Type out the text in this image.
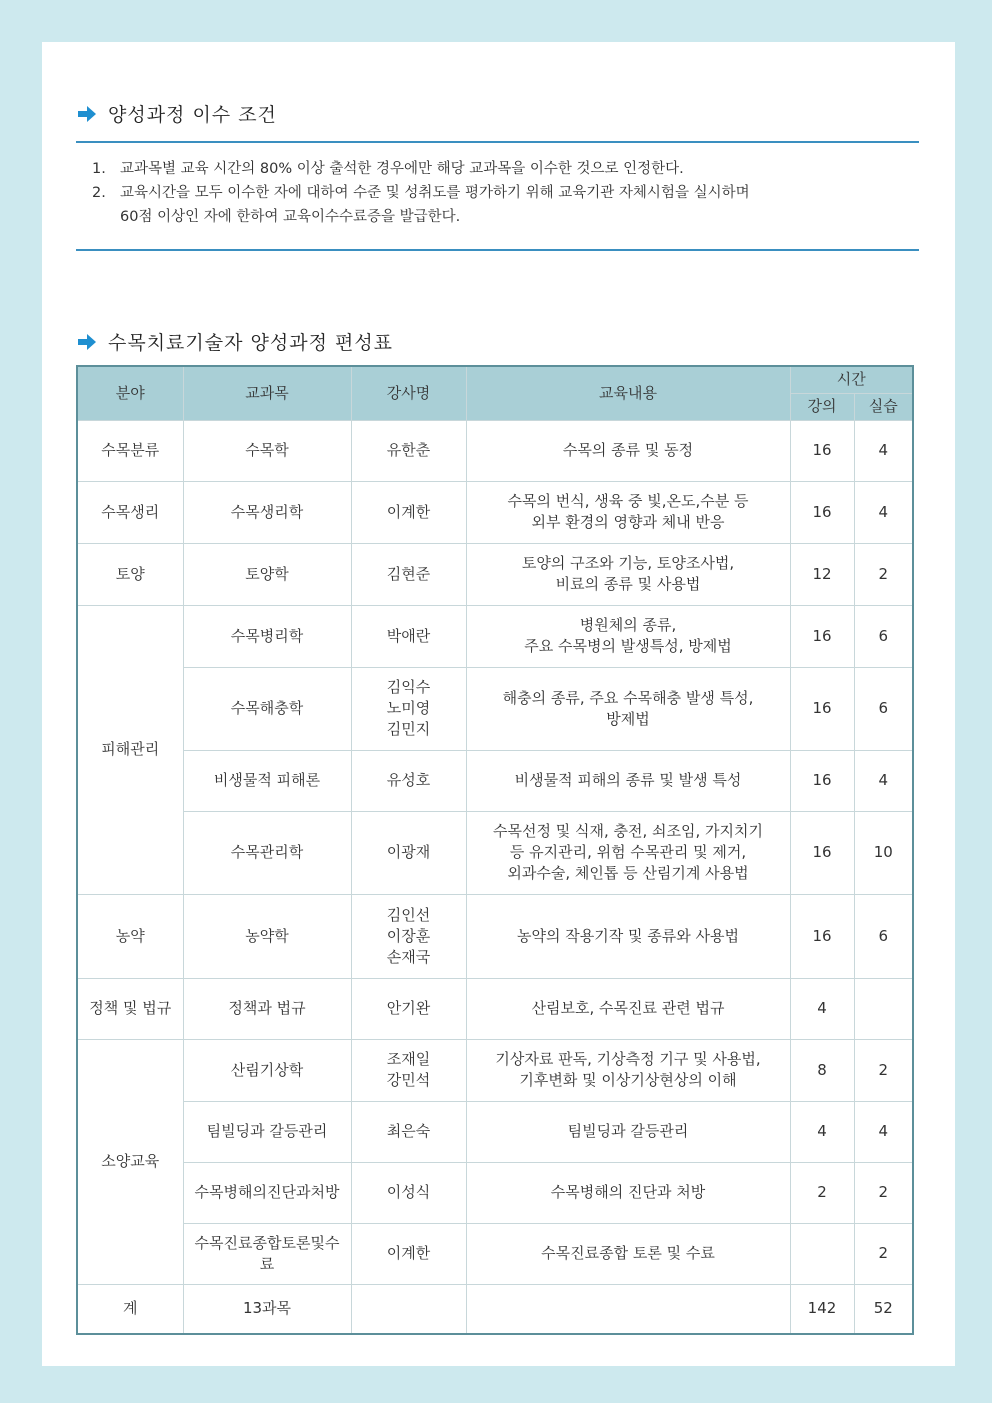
양성과정 이수 조건
1. 교과목별 교육 시간의 80% 이상 출석한 경우에만 해당 교과목을 이수한 것으로 인정한다.
2. 교육시간을 모두 이수한 자에 대하여 수준 및 성취도를 평가하기 위해 교육기관 자체시험을 실시하며
60점 이상인 자에 한하여 교육이수수료증을 발급한다.
수목치료기술자 양성과정 편성표
분야	교과목	강사명	교육내용	시간	
				강의	실습
수목분류	수목학	유한춘	수목의 종류 및 동정	16	4
수목생리	수목생리학	이계한	수목의 번식, 생육 중 빛,온도,수분 등
외부 환경의 영향과 체내 반응	16	4
토양	토양학	김현준	토양의 구조와 기능, 토양조사법,
비료의 종류 및 사용법	12	2
피해관리	수목병리학	박애란	병원체의 종류,
주요 수목병의 발생특성, 방제법	16	6
	수목해충학	김익수
노미영
김민지	해충의 종류, 주요 수목해충 발생 특성,
방제법	16	6
	비생물적 피해론	유성호	비생물적 피해의 종류 및 발생 특성	16	4
	수목관리학	이광재	수목선정 및 식재, 충전, 쇠조임, 가지치기
등 유지관리, 위험 수목관리 및 제거,
외과수술, 체인톱 등 산림기계 사용법	16	10
농약	농약학	김인선
이장훈
손재국	농약의 작용기작 및 종류와 사용법	16	6
정책 및 법규	정책과 법규	안기완	산림보호, 수목진료 관련 법규	4	
소양교육	산림기상학	조재일
강민석	기상자료 판독, 기상측정 기구 및 사용법,
기후변화 및 이상기상현상의 이해	8	2
	팀빌딩과 갈등관리	최은숙	팀빌딩과 갈등관리	4	4
	수목병해의진단과처방	이성식	수목병해의 진단과 처방	2	2
	수목진료종합토론및수료	이계한	수목진료종합 토론 및 수료		2
계	13과목			142	52
